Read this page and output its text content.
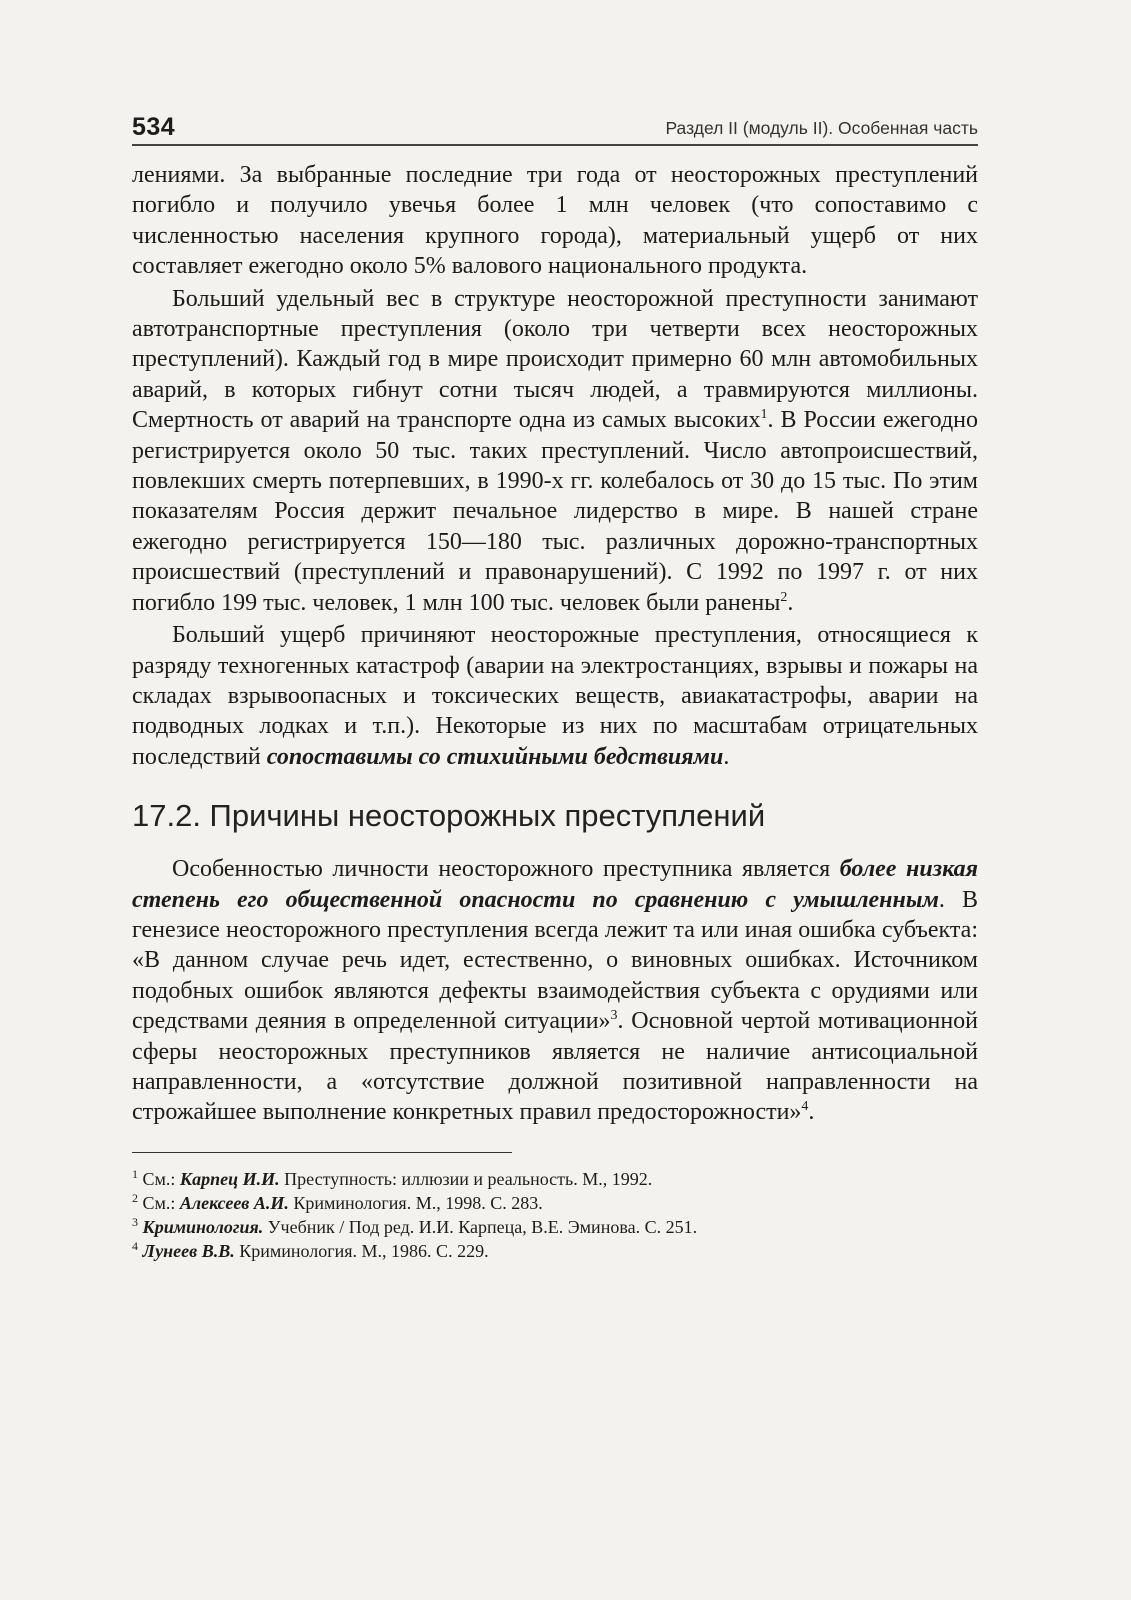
534	Раздел II (модуль II). Особенная часть

лениями. За выбранные последние три года от неосторожных преступлений погибло и получило увечья более 1 млн человек (что сопоставимо с численностью населения крупного города), материальный ущерб от них составляет ежегодно около 5% валового национального продукта.

Больший удельный вес в структуре неосторожной преступности занимают автотранспортные преступления (около три четверти всех неосторожных преступлений). Каждый год в мире происходит примерно 60 млн автомобильных аварий, в которых гибнут сотни тысяч людей, а травмируются миллионы. Смертность от аварий на транспорте одна из самых высоких$^1$. В России ежегодно регистрируется около 50 тыс. таких преступлений. Число автопроисшествий, повлекших смерть потерпевших, в 1990-х гг. колебалось от 30 до 15 тыс. По этим показателям Россия держит печальное лидерство в мире. В нашей стране ежегодно регистрируется 150—180 тыс. различных дорожно-транспортных происшествий (преступлений и правонарушений). С 1992 по 1997 г. от них погибло 199 тыс. человек, 1 млн 100 тыс. человек были ранены$^2$.

Больший ущерб причиняют неосторожные преступления, относящиеся к разряду техногенных катастроф (аварии на электростанциях, взрывы и пожары на складах взрывоопасных и токсических веществ, авиакатастрофы, аварии на подводных лодках и т.п.). Некоторые из них по масштабам отрицательных последствий сопоставимы со стихийными бедствиями.

17.2. Причины неосторожных преступлений

Особенностью личности неосторожного преступника является более низкая степень его общественной опасности по сравнению с умышленным. В генезисе неосторожного преступления всегда лежит та или иная ошибка субъекта: «В данном случае речь идет, естественно, о виновных ошибках. Источником подобных ошибок являются дефекты взаимодействия субъекта с орудиями или средствами деяния в определенной ситуации»$^3$. Основной чертой мотивационной сферы неосторожных преступников является не наличие антисоциальной направленности, а «отсутствие должной позитивной направленности на строжайшее выполнение конкретных правил предосторожности»$^4$.

$^1$ См.: Карпец И.И. Преступность: иллюзии и реальность. М., 1992.
$^2$ См.: Алексеев А.И. Криминология. М., 1998. С. 283.
$^3$ Криминология. Учебник / Под ред. И.И. Карпеца, В.Е. Эминова. С. 251.
$^4$ Лунеев В.В. Криминология. М., 1986. С. 229.
